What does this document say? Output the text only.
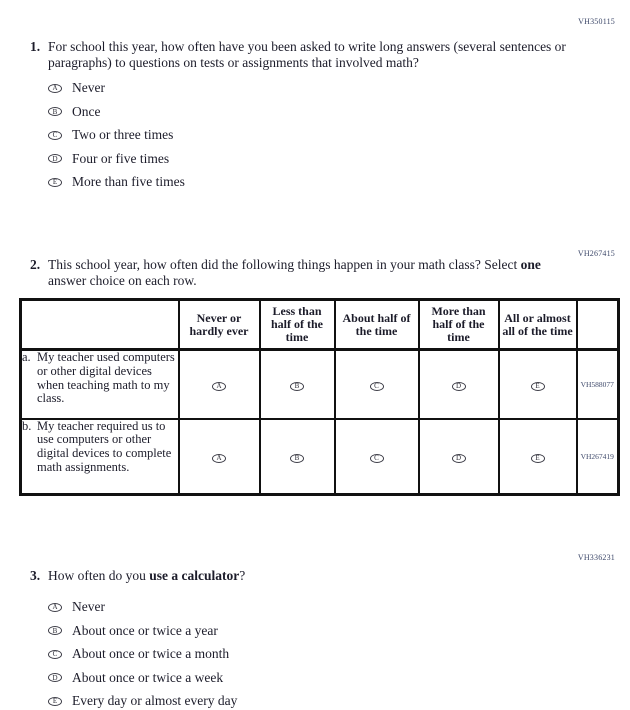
VH350115
1. For school this year, how often have you been asked to write long answers (several sentences or paragraphs) to questions on tests or assignments that involved math?
A	Never
B	Once
C	Two or three times
D	Four or five times
E	More than five times
VH267415
2. This school year, how often did the following things happen in your math class? Select one answer choice on each row.
	Never or hardly ever	Less than half of the time	About half of the time	More than half of the time	All or almost all of the time	

a. My teacher used computers or other digital devices when teaching math to my class.	A	B	C	D	E	VH588077

b. My teacher required us to use computers or other digital devices to complete math assignments.	A	B	C	D	E	VH267419
VH336231
3. How often do you use a calculator?
A	Never
B	About once or twice a year
C	About once or twice a month
D	About once or twice a week
E	Every day or almost every day
